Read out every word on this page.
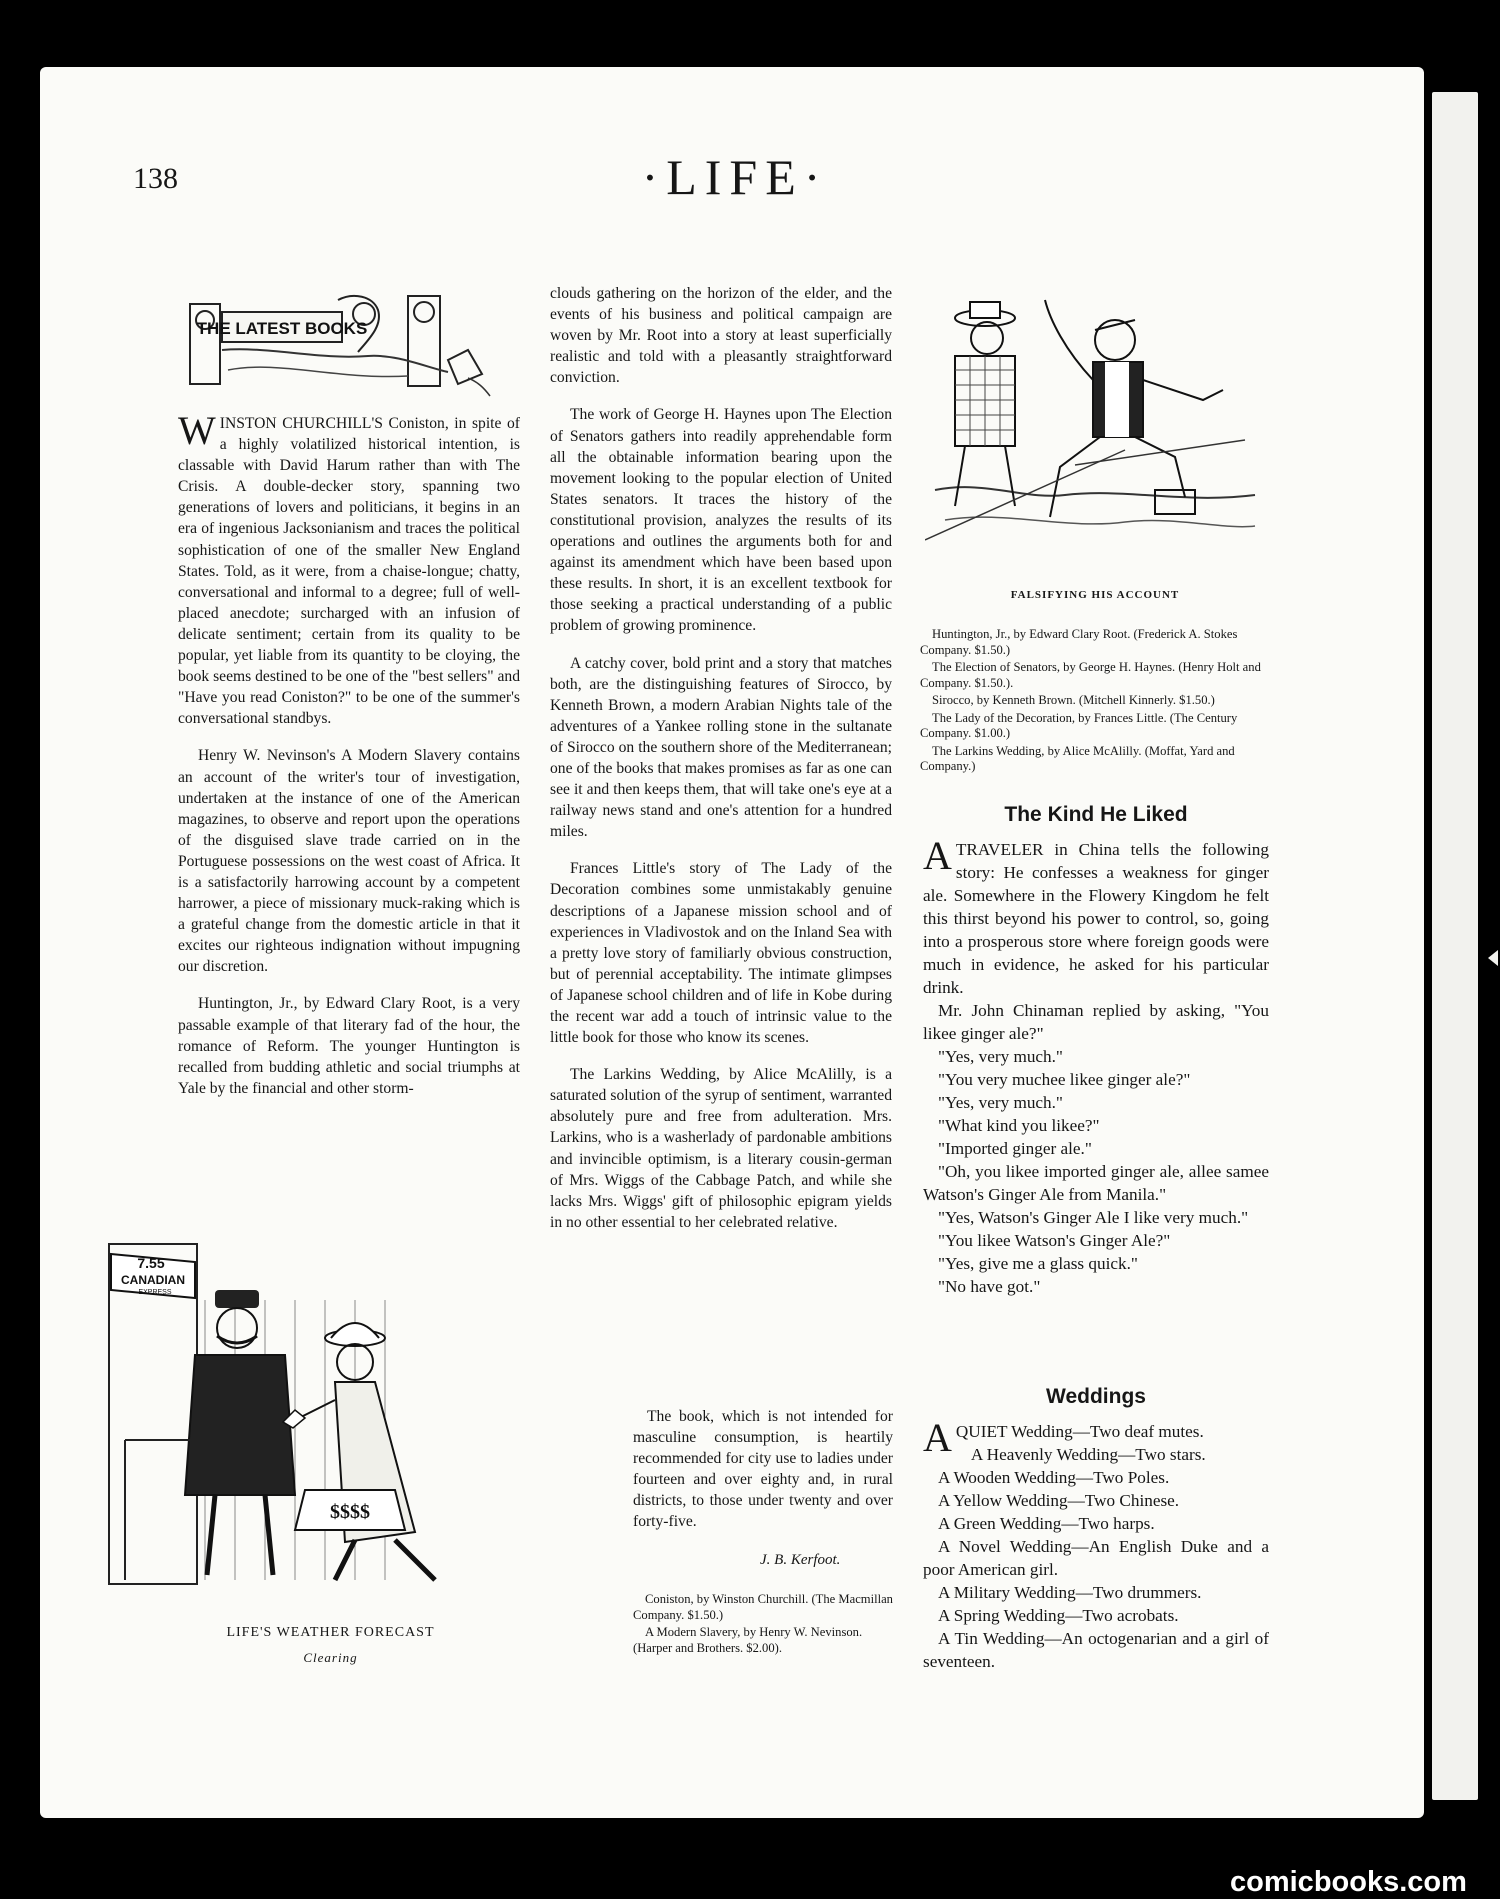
138	·LIFE·
THE LATEST BOOKS

WINSTON CHURCHILL'S Coniston, in spite of a highly volatilized historical intention, is classable with David Harum rather than with The Crisis. A double-decker story, spanning two generations of lovers and politicians, it begins in an era of ingenious Jacksonianism and traces the political sophistication of one of the smaller New England States. Told, as it were, from a chaise-longue; chatty, conversational and informal to a degree; full of well-placed anecdote; surcharged with an infusion of delicate sentiment; certain from its quality to be popular, yet liable from its quantity to be cloying, the book seems destined to be one of the "best sellers" and "Have you read Coniston?" to be one of the summer's conversational standbys.

Henry W. Nevinson's A Modern Slavery contains an account of the writer's tour of investigation, undertaken at the instance of one of the American magazines, to observe and report upon the operations of the disguised slave trade carried on in the Portuguese possessions on the west coast of Africa. It is a satisfactorily harrowing account by a competent harrower, a piece of missionary muck-raking which is a grateful change from the domestic article in that it excites our righteous indignation without impugning our discretion.

Huntington, Jr., by Edward Clary Root, is a very passable example of that literary fad of the hour, the romance of Reform. The younger Huntington is recalled from budding athletic and social triumphs at Yale by the financial and other storm-

clouds gathering on the horizon of the elder, and the events of his business and political campaign are woven by Mr. Root into a story at least superficially realistic and told with a pleasantly straightforward conviction.

The work of George H. Haynes upon The Election of Senators gathers into readily apprehendable form all the obtainable information bearing upon the movement looking to the popular election of United States senators. It traces the history of the constitutional provision, analyzes the results of its operations and outlines the arguments both for and against its amendment which have been based upon these results. In short, it is an excellent textbook for those seeking a practical understanding of a public problem of growing prominence.

A catchy cover, bold print and a story that matches both, are the distinguishing features of Sirocco, by Kenneth Brown, a modern Arabian Nights tale of the adventures of a Yankee rolling stone in the sultanate of Sirocco on the southern shore of the Mediterranean; one of the books that makes promises as far as one can see it and then keeps them, that will take one's eye at a railway news stand and one's attention for a hundred miles.

Frances Little's story of The Lady of the Decoration combines some unmistakably genuine descriptions of a Japanese mission school and of experiences in Vladivostok and on the Inland Sea with a pretty love story of familiarly obvious construction, but of perennial acceptability. The intimate glimpses of Japanese school children and of life in Kobe during the recent war add a touch of intrinsic value to the little book for those who know its scenes.

The Larkins Wedding, by Alice McAlilly, is a saturated solution of the syrup of sentiment, warranted absolutely pure and free from adulteration. Mrs. Larkins, who is a washerlady of pardonable ambitions and invincible optimism, is a literary cousin-german of Mrs. Wiggs of the Cabbage Patch, and while she lacks Mrs. Wiggs' gift of philosophic epigram yields in no other essential to her celebrated relative.

The book, which is not intended for masculine consumption, is heartily recommended for city use to ladies under fourteen and over eighty and, in rural districts, to those under twenty and over forty-five.

J. B. Kerfoot.

Coniston, by Winston Churchill. (The Macmillan Company. $1.50.)

A Modern Slavery, by Henry W. Nevinson. (Harper and Brothers. $2.00).

FALSIFYING HIS ACCOUNT

Huntington, Jr., by Edward Clary Root. (Frederick A. Stokes Company. $1.50.)

The Election of Senators, by George H. Haynes. (Henry Holt and Company. $1.50.).

Sirocco, by Kenneth Brown. (Mitchell Kinnerly. $1.50.)

The Lady of the Decoration, by Frances Little. (The Century Company. $1.00.)

The Larkins Wedding, by Alice McAlilly. (Moffat, Yard and Company.)

The Kind He Liked

ATRAVELER in China tells the following story: He confesses a weakness for ginger ale. Somewhere in the Flowery Kingdom he felt this thirst beyond his power to control, so, going into a prosperous store where foreign goods were much in evidence, he asked for his particular drink.

Mr. John Chinaman replied by asking, "You likee ginger ale?"

"Yes, very much."

"You very muchee likee ginger ale?"

"Yes, very much."

"What kind you likee?"

"Imported ginger ale."

"Oh, you likee imported ginger ale, allee samee Watson's Ginger Ale from Manila."

"Yes, Watson's Ginger Ale I like very much."

"You likee Watson's Ginger Ale?"

"Yes, give me a glass quick."

"No have got."

Weddings

AQUIET Wedding—Two deaf mutes.

A Heavenly Wedding—Two stars.

A Wooden Wedding—Two Poles.

A Yellow Wedding—Two Chinese.

A Green Wedding—Two harps.

A Novel Wedding—An English Duke and a poor American girl.

A Military Wedding—Two drummers.

A Spring Wedding—Two acrobats.

A Tin Wedding—An octogenarian and a girl of seventeen.

7.55
CANADIAN
EXPRESS
$$$$
LIFE'S WEATHER FORECAST
Clearing
comicbooks.com
